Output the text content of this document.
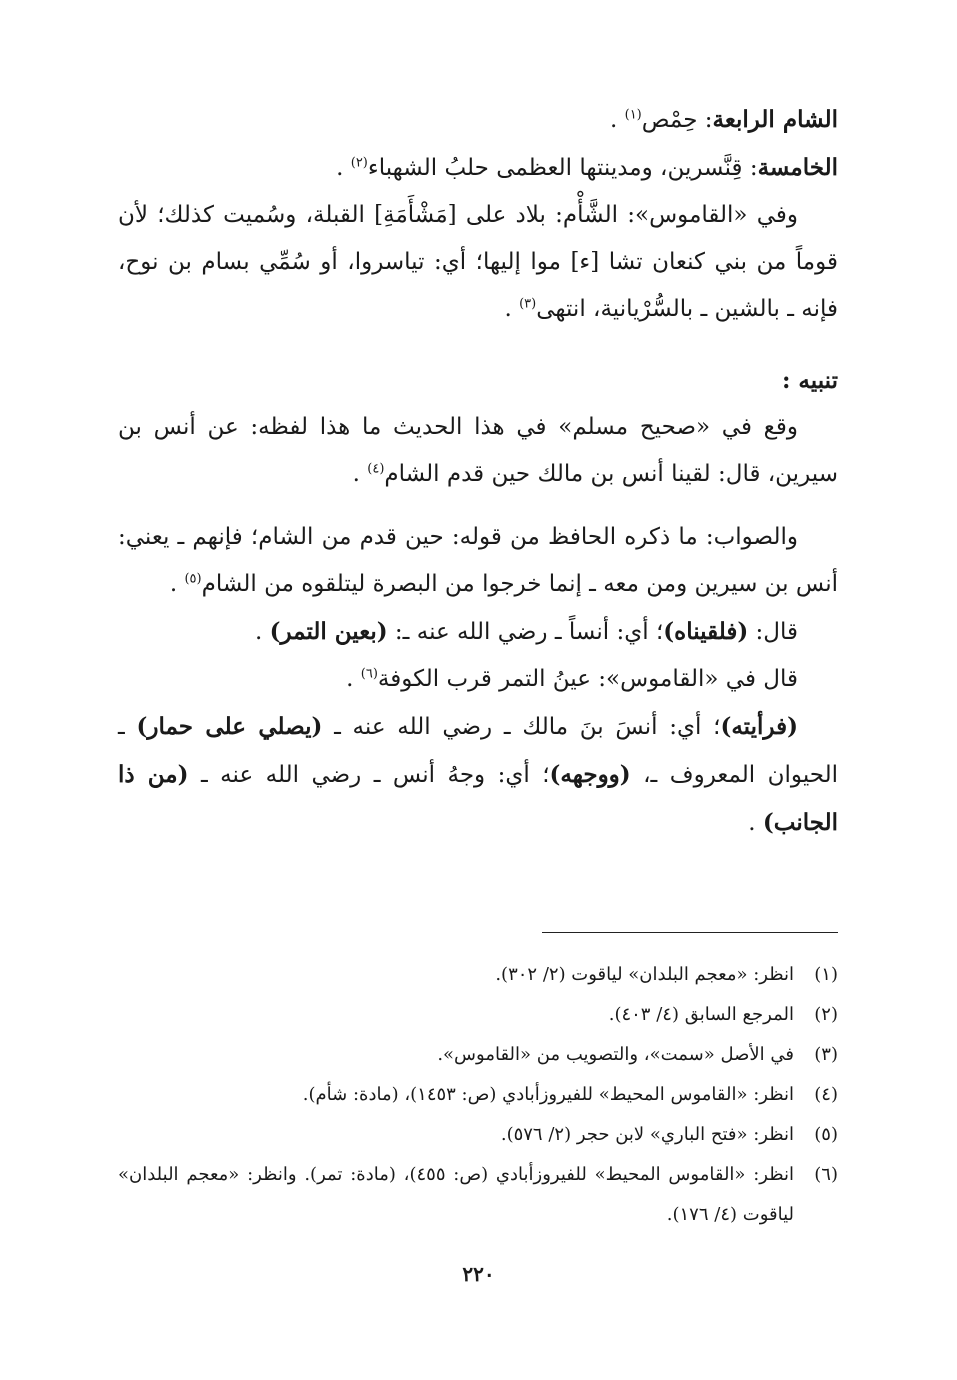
الشام الرابعة: حِمْص$^{(١)}$ .

الخامسة: قِنَّسرين، ومدينتها العظمى حلبُ الشهباء$^{(٢)}$ .

وفي «القاموس»: الشَّأْم: بلاد على [مَشْأَمَةِ] القبلة، وسُميت كذلك؛ لأن قوماً من بني كنعان تشا [ء] موا إليها؛ أي: تياسروا، أو سُمِّي بسام بن نوح، فإنه ـ بالشين ـ بالسُّرْيانية، انتهى$^{(٣)}$ .

تنبيه :

وقع في «صحيح مسلم» في هذا الحديث ما هذا لفظه: عن أنس بن سيرين، قال: لقينا أنس بن مالك حين قدم الشام$^{(٤)}$ .

والصواب: ما ذكره الحافظ من قوله: حين قدم من الشام؛ فإنهم ـ يعني: أنس بن سيرين ومن معه ـ إنما خرجوا من البصرة ليتلقوه من الشام$^{(٥)}$ .

قال: (فلقيناه)؛ أي: أنساً ـ رضي الله عنه ـ: (بعين التمر) .

قال في «القاموس»: عينُ التمر قرب الكوفة$^{(٦)}$ .

(فرأيته)؛ أي: أنسَ بنَ مالك ـ رضي الله عنه ـ (يصلي على حمار) ـ الحيوان المعروف ـ، (ووجهه)؛ أي: وجهُ أنس ـ رضي الله عنه ـ (من ذا الجانب) .

(١)
انظر: «معجم البلدان» لياقوت (٢/ ٣٠٢).
(٢)
المرجع السابق (٤/ ٤٠٣).
(٣)
في الأصل «سمت»، والتصويب من «القاموس».
(٤)
انظر: «القاموس المحيط» للفيروزأبادي (ص: ١٤٥٣)، (مادة: شأم).
(٥)
انظر: «فتح الباري» لابن حجر (٢/ ٥٧٦).
(٦)
انظر: «القاموس المحيط» للفيروزأبادي (ص: ٤٥٥)، (مادة: تمر). وانظر: «معجم البلدان» لياقوت (٤/ ١٧٦).
٢٢٠
